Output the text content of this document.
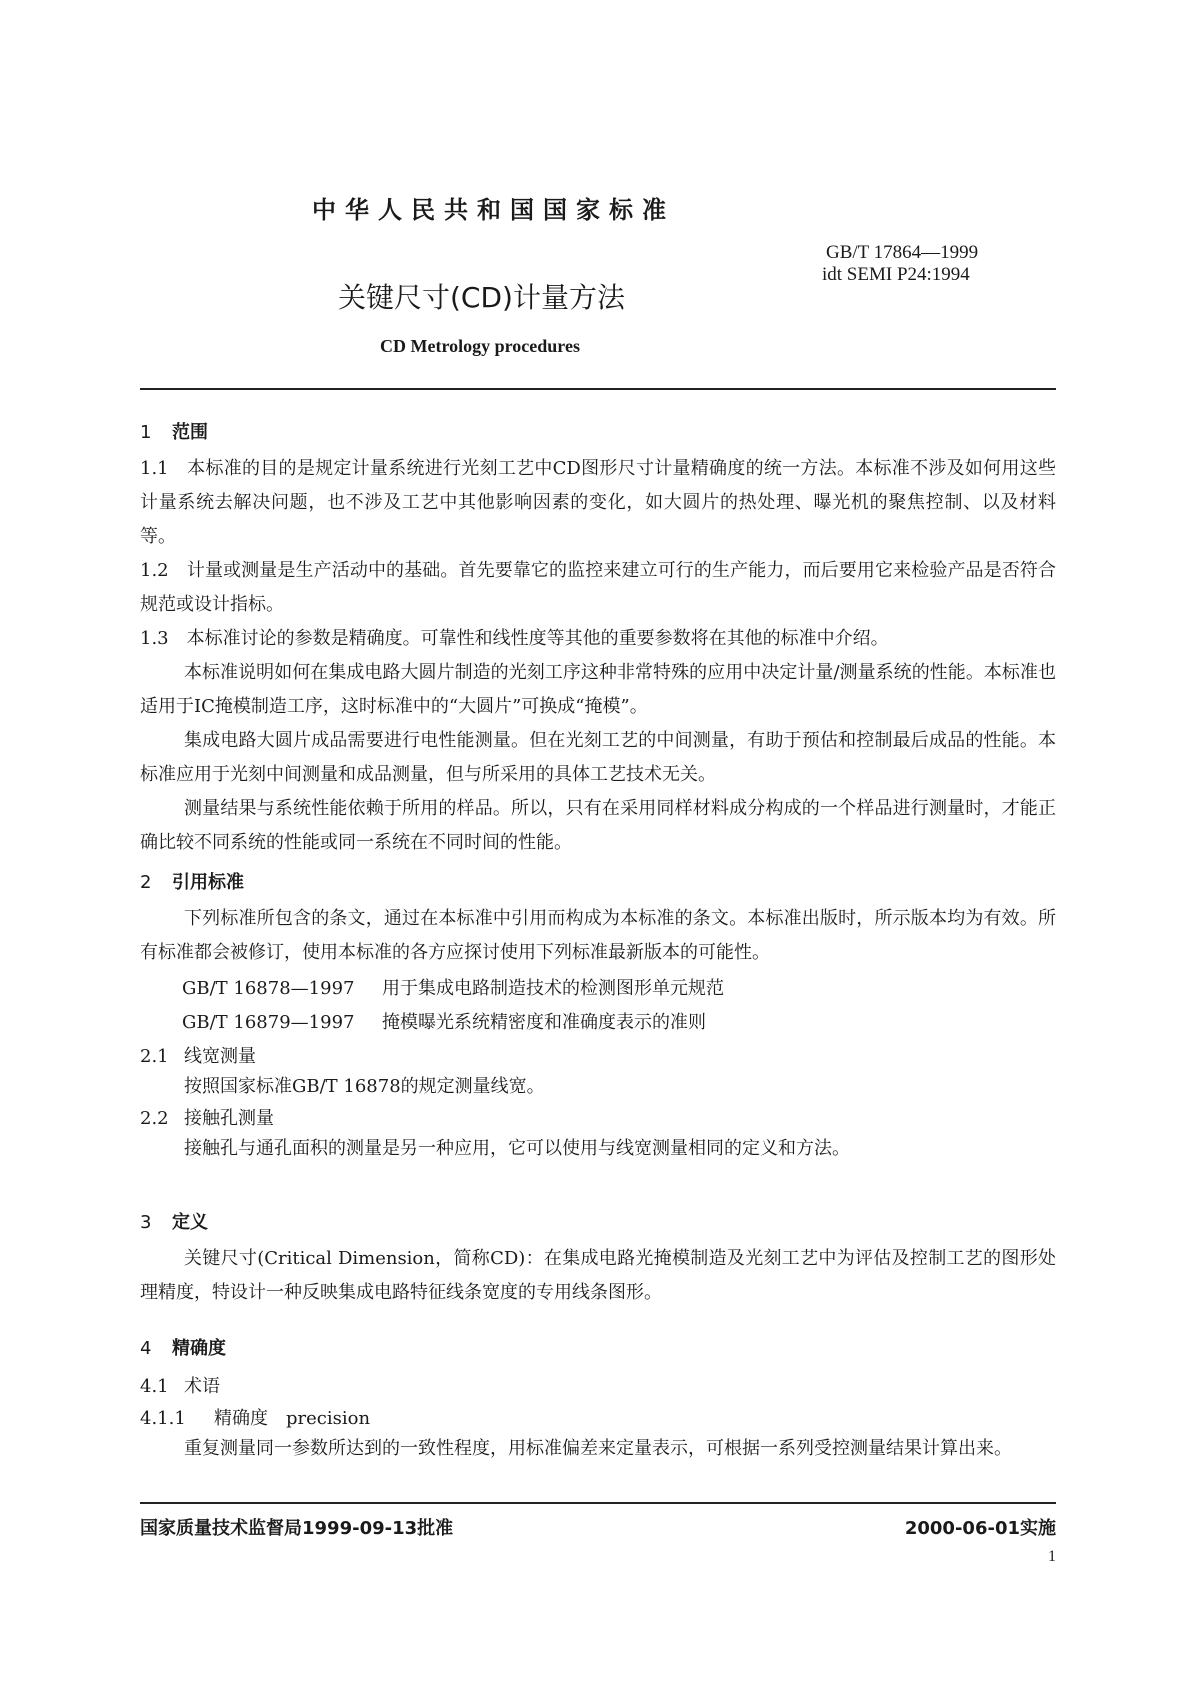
中华人民共和国国家标准
GB/T 17864—1999
idt SEMI P24:1994
关键尺寸(CD)计量方法
CD Metrology procedures
1 范围
1.1　本标准的目的是规定计量系统进行光刻工艺中CD图形尺寸计量精确度的统一方法。本标准不涉及如何用这些计量系统去解决问题，也不涉及工艺中其他影响因素的变化，如大圆片的热处理、曝光机的聚焦控制、以及材料等。
1.2　计量或测量是生产活动中的基础。首先要靠它的监控来建立可行的生产能力，而后要用它来检验产品是否符合规范或设计指标。
1.3　本标准讨论的参数是精确度。可靠性和线性度等其他的重要参数将在其他的标准中介绍。
本标准说明如何在集成电路大圆片制造的光刻工序这种非常特殊的应用中决定计量/测量系统的性能。本标准也适用于IC掩模制造工序，这时标准中的“大圆片”可换成“掩模”。
集成电路大圆片成品需要进行电性能测量。但在光刻工艺的中间测量，有助于预估和控制最后成品的性能。本标准应用于光刻中间测量和成品测量，但与所采用的具体工艺技术无关。
测量结果与系统性能依赖于所用的样品。所以，只有在采用同样材料成分构成的一个样品进行测量时，才能正确比较不同系统的性能或同一系统在不同时间的性能。
2 引用标准
下列标准所包含的条文，通过在本标准中引用而构成为本标准的条文。本标准出版时，所示版本均为有效。所有标准都会被修订，使用本标准的各方应探讨使用下列标准最新版本的可能性。
GB/T 16878—1997 用于集成电路制造技术的检测图形单元规范
GB/T 16879—1997 掩模曝光系统精密度和准确度表示的准则
2.1 线宽测量
按照国家标准GB/T 16878的规定测量线宽。
2.2 接触孔测量
接触孔与通孔面积的测量是另一种应用，它可以使用与线宽测量相同的定义和方法。
3 定义
关键尺寸(Critical Dimension，简称CD)：在集成电路光掩模制造及光刻工艺中为评估及控制工艺的图形处理精度，特设计一种反映集成电路特征线条宽度的专用线条图形。
4 精确度
4.1 术语
4.1.1 精确度　precision
重复测量同一参数所达到的一致性程度，用标准偏差来定量表示，可根据一系列受控测量结果计算出来。
国家质量技术监督局1999-09-13批准	2000-06-01实施
1
